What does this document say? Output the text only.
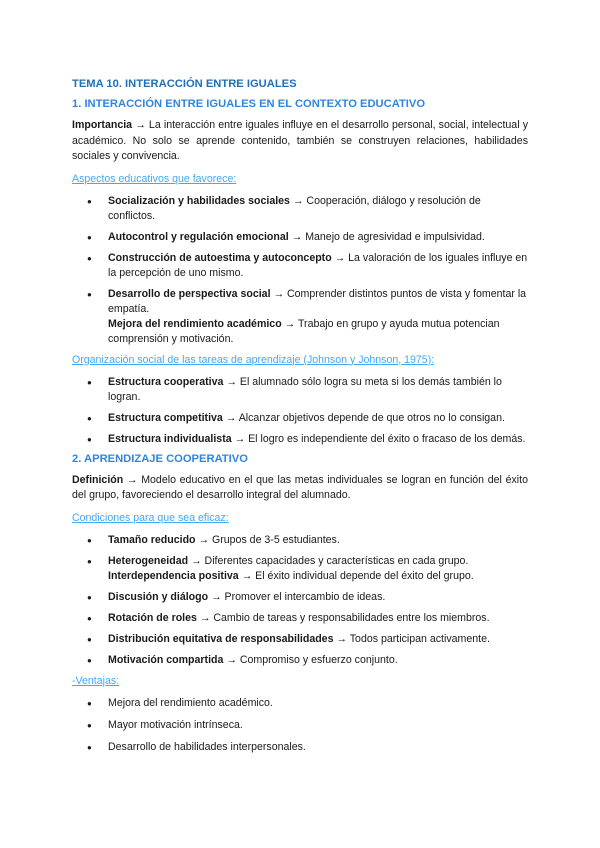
TEMA 10. INTERACCIÓN ENTRE IGUALES
1. INTERACCIÓN ENTRE IGUALES EN EL CONTEXTO EDUCATIVO

Importancia → La interacción entre iguales influye en el desarrollo personal, social, intelectual y académico. No solo se aprende contenido, también se construyen relaciones, habilidades sociales y convivencia.

Aspectos educativos que favorece:
● Socialización y habilidades sociales → Cooperación, diálogo y resolución de conflictos.
● Autocontrol y regulación emocional → Manejo de agresividad e impulsividad.
● Construcción de autoestima y autoconcepto → La valoración de los iguales influye en la percepción de uno mismo.
● Desarrollo de perspectiva social → Comprender distintos puntos de vista y fomentar la empatía.
Mejora del rendimiento académico → Trabajo en grupo y ayuda mutua potencian comprensión y motivación.
Organización social de las tareas de aprendizaje (Johnson y Johnson, 1975):
● Estructura cooperativa → El alumnado sólo logra su meta si los demás también lo logran.
● Estructura competitiva → Alcanzar objetivos depende de que otros no lo consigan.
● Estructura individualista → El logro es independiente del éxito o fracaso de los demás.
2. APRENDIZAJE COOPERATIVO

Definición → Modelo educativo en el que las metas individuales se logran en función del éxito del grupo, favoreciendo el desarrollo integral del alumnado.

Condiciones para que sea eficaz:
● Tamaño reducido → Grupos de 3-5 estudiantes.
● Heterogeneidad → Diferentes capacidades y características en cada grupo.
Interdependencia positiva → El éxito individual depende del éxito del grupo.
● Discusión y diálogo → Promover el intercambio de ideas.
● Rotación de roles → Cambio de tareas y responsabilidades entre los miembros.
● Distribución equitativa de responsabilidades → Todos participan activamente.
● Motivación compartida → Compromiso y esfuerzo conjunto.
-Ventajas:
● Mejora del rendimiento académico.
● Mayor motivación intrínseca.
● Desarrollo de habilidades interpersonales.
